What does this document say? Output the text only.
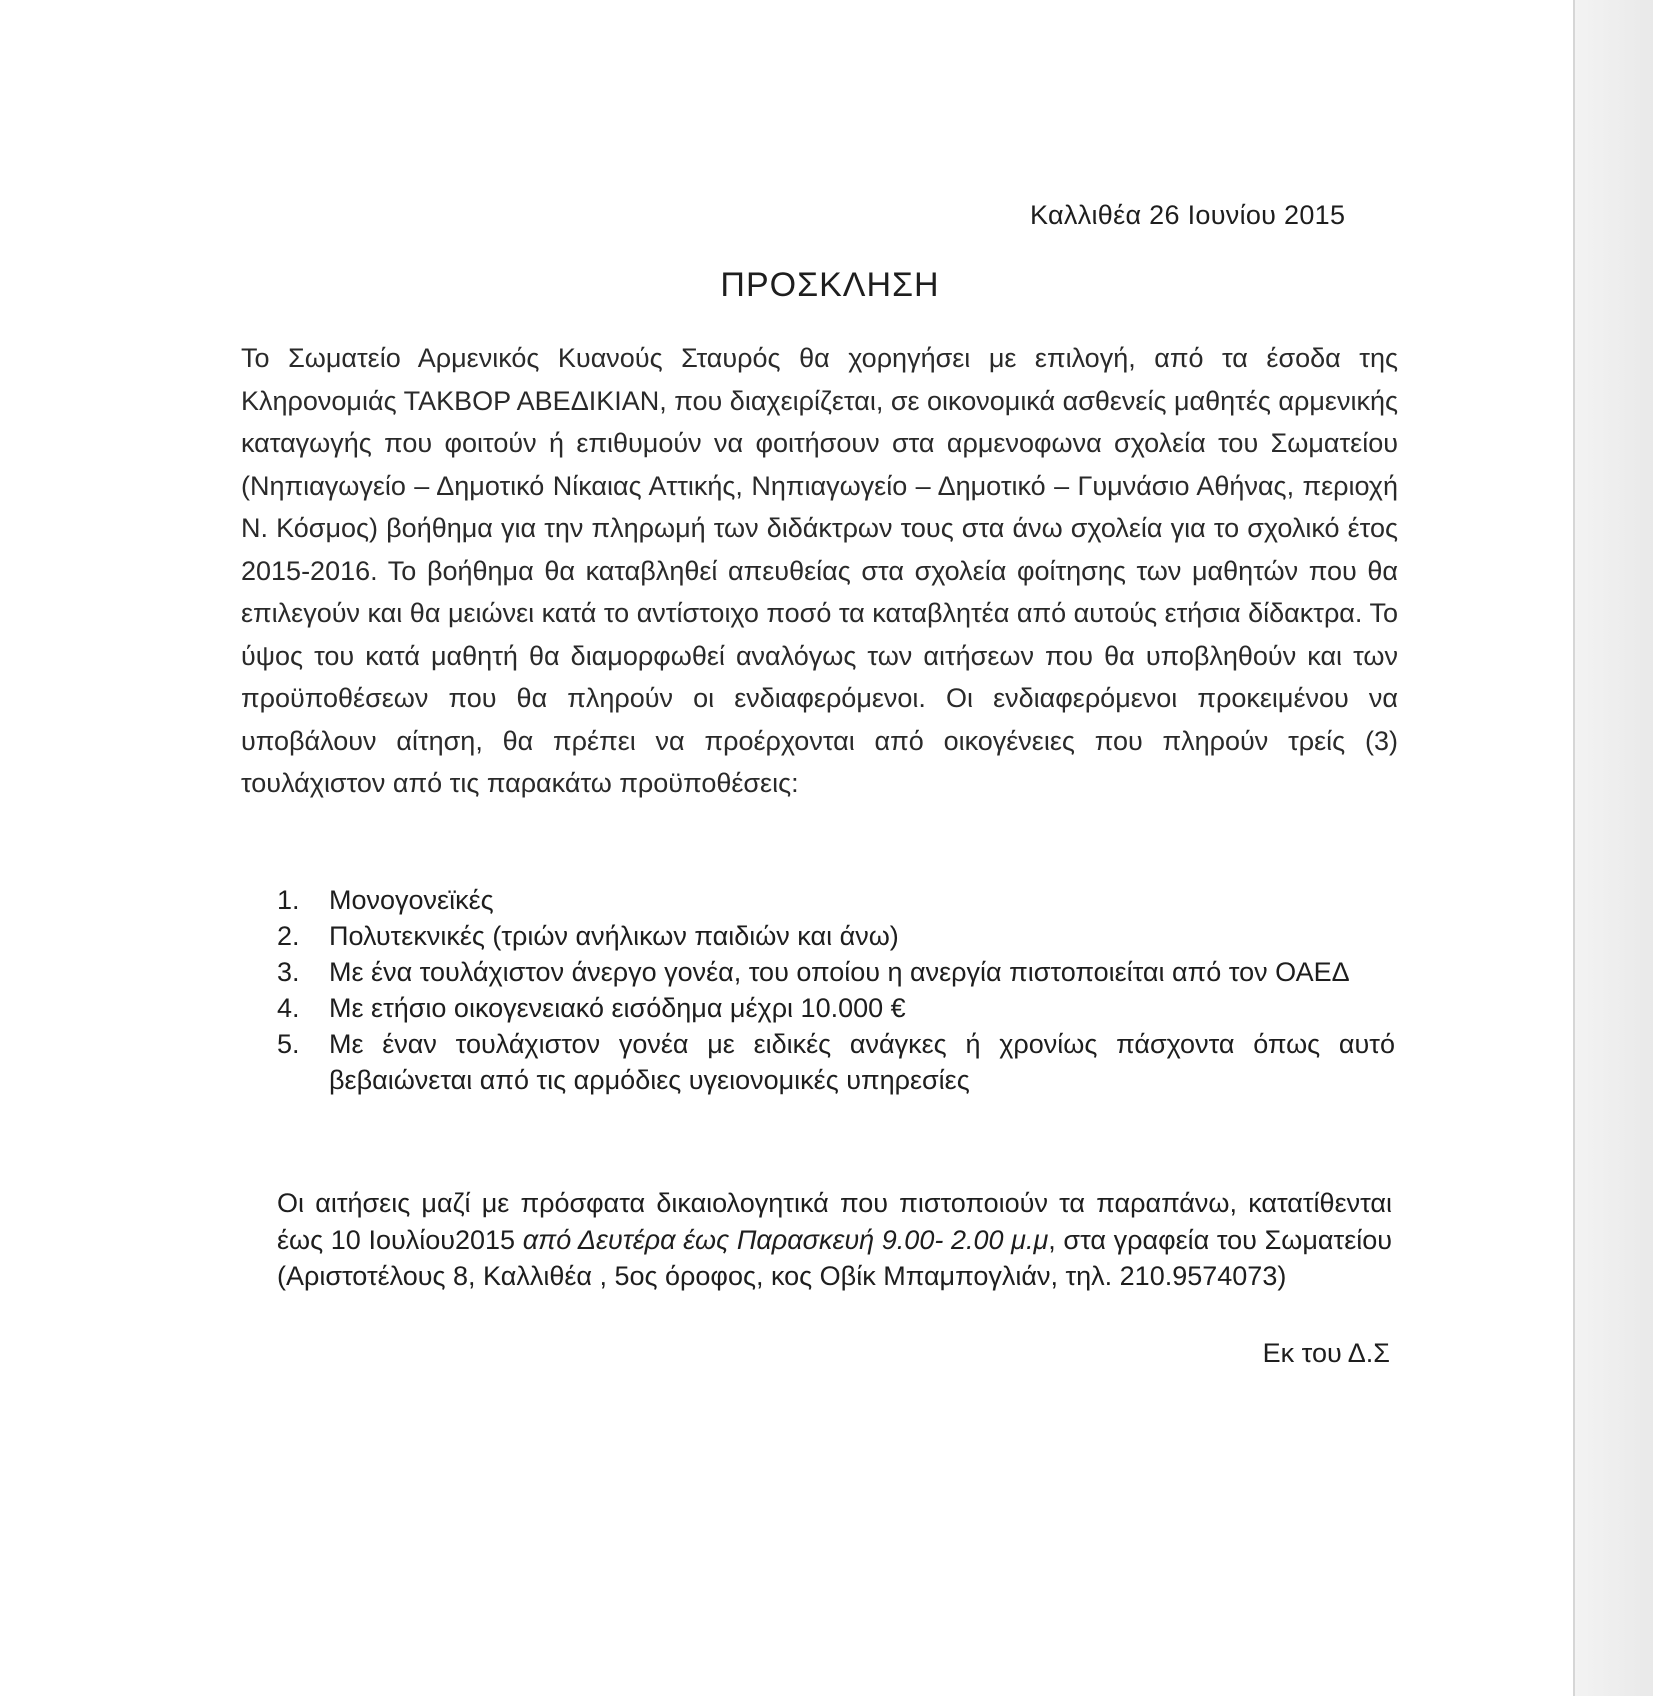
Καλλιθέα 26 Ιουνίου 2015
ΠΡΟΣΚΛΗΣΗ

Το Σωματείο Αρμενικός Κυανούς Σταυρός θα χορηγήσει με επιλογή, από τα έσοδα της Κληρονομιάς ΤΑΚΒΟΡ ΑΒΕΔΙΚΙΑΝ, που διαχειρίζεται, σε οικονομικά ασθενείς μαθητές αρμενικής καταγωγής που φοιτούν ή επιθυμούν να φοιτήσουν στα αρμενοφωνα σχολεία του Σωματείου (Νηπιαγωγείο – Δημοτικό Νίκαιας Αττικής, Νηπιαγωγείο – Δημοτικό – Γυμνάσιο Αθήνας, περιοχή Ν. Κόσμος) βοήθημα για την πληρωμή των διδάκτρων τους στα άνω σχολεία για το σχολικό έτος 2015-2016. Το βοήθημα θα καταβληθεί απευθείας στα σχολεία φοίτησης των μαθητών που θα επιλεγούν και θα μειώνει κατά το αντίστοιχο ποσό τα καταβλητέα από αυτούς ετήσια δίδακτρα. Το ύψος του κατά μαθητή θα διαμορφωθεί αναλόγως των αιτήσεων που θα υποβληθούν και των προϋποθέσεων που θα πληρούν οι ενδιαφερόμενοι. Οι ενδιαφερόμενοι προκειμένου να υποβάλουν αίτηση, θα πρέπει να προέρχονται από οικογένειες που πληρούν τρείς (3) τουλάχιστον από τις παρακάτω προϋποθέσεις:

1. Μονογονεϊκές
2. Πολυτεκνικές (τριών ανήλικων παιδιών και άνω)
3. Με ένα τουλάχιστον άνεργο γονέα, του οποίου η ανεργία πιστοποιείται από τον ΟΑΕΔ
4. Με ετήσιο οικογενειακό εισόδημα μέχρι 10.000 €
5. Με έναν τουλάχιστον γονέα με ειδικές ανάγκες ή χρονίως πάσχοντα όπως αυτό βεβαιώνεται από τις αρμόδιες υγειονομικές υπηρεσίες

Οι αιτήσεις μαζί με πρόσφατα δικαιολογητικά που πιστοποιούν τα παραπάνω, κατατίθενται έως 10 Ιουλίου2015 από Δευτέρα έως Παρασκευή 9.00- 2.00 μ.μ, στα γραφεία του Σωματείου (Αριστοτέλους 8, Καλλιθέα , 5ος όροφος, κος Οβίκ Μπαμπογλιάν, τηλ. 210.9574073)

Εκ του Δ.Σ
